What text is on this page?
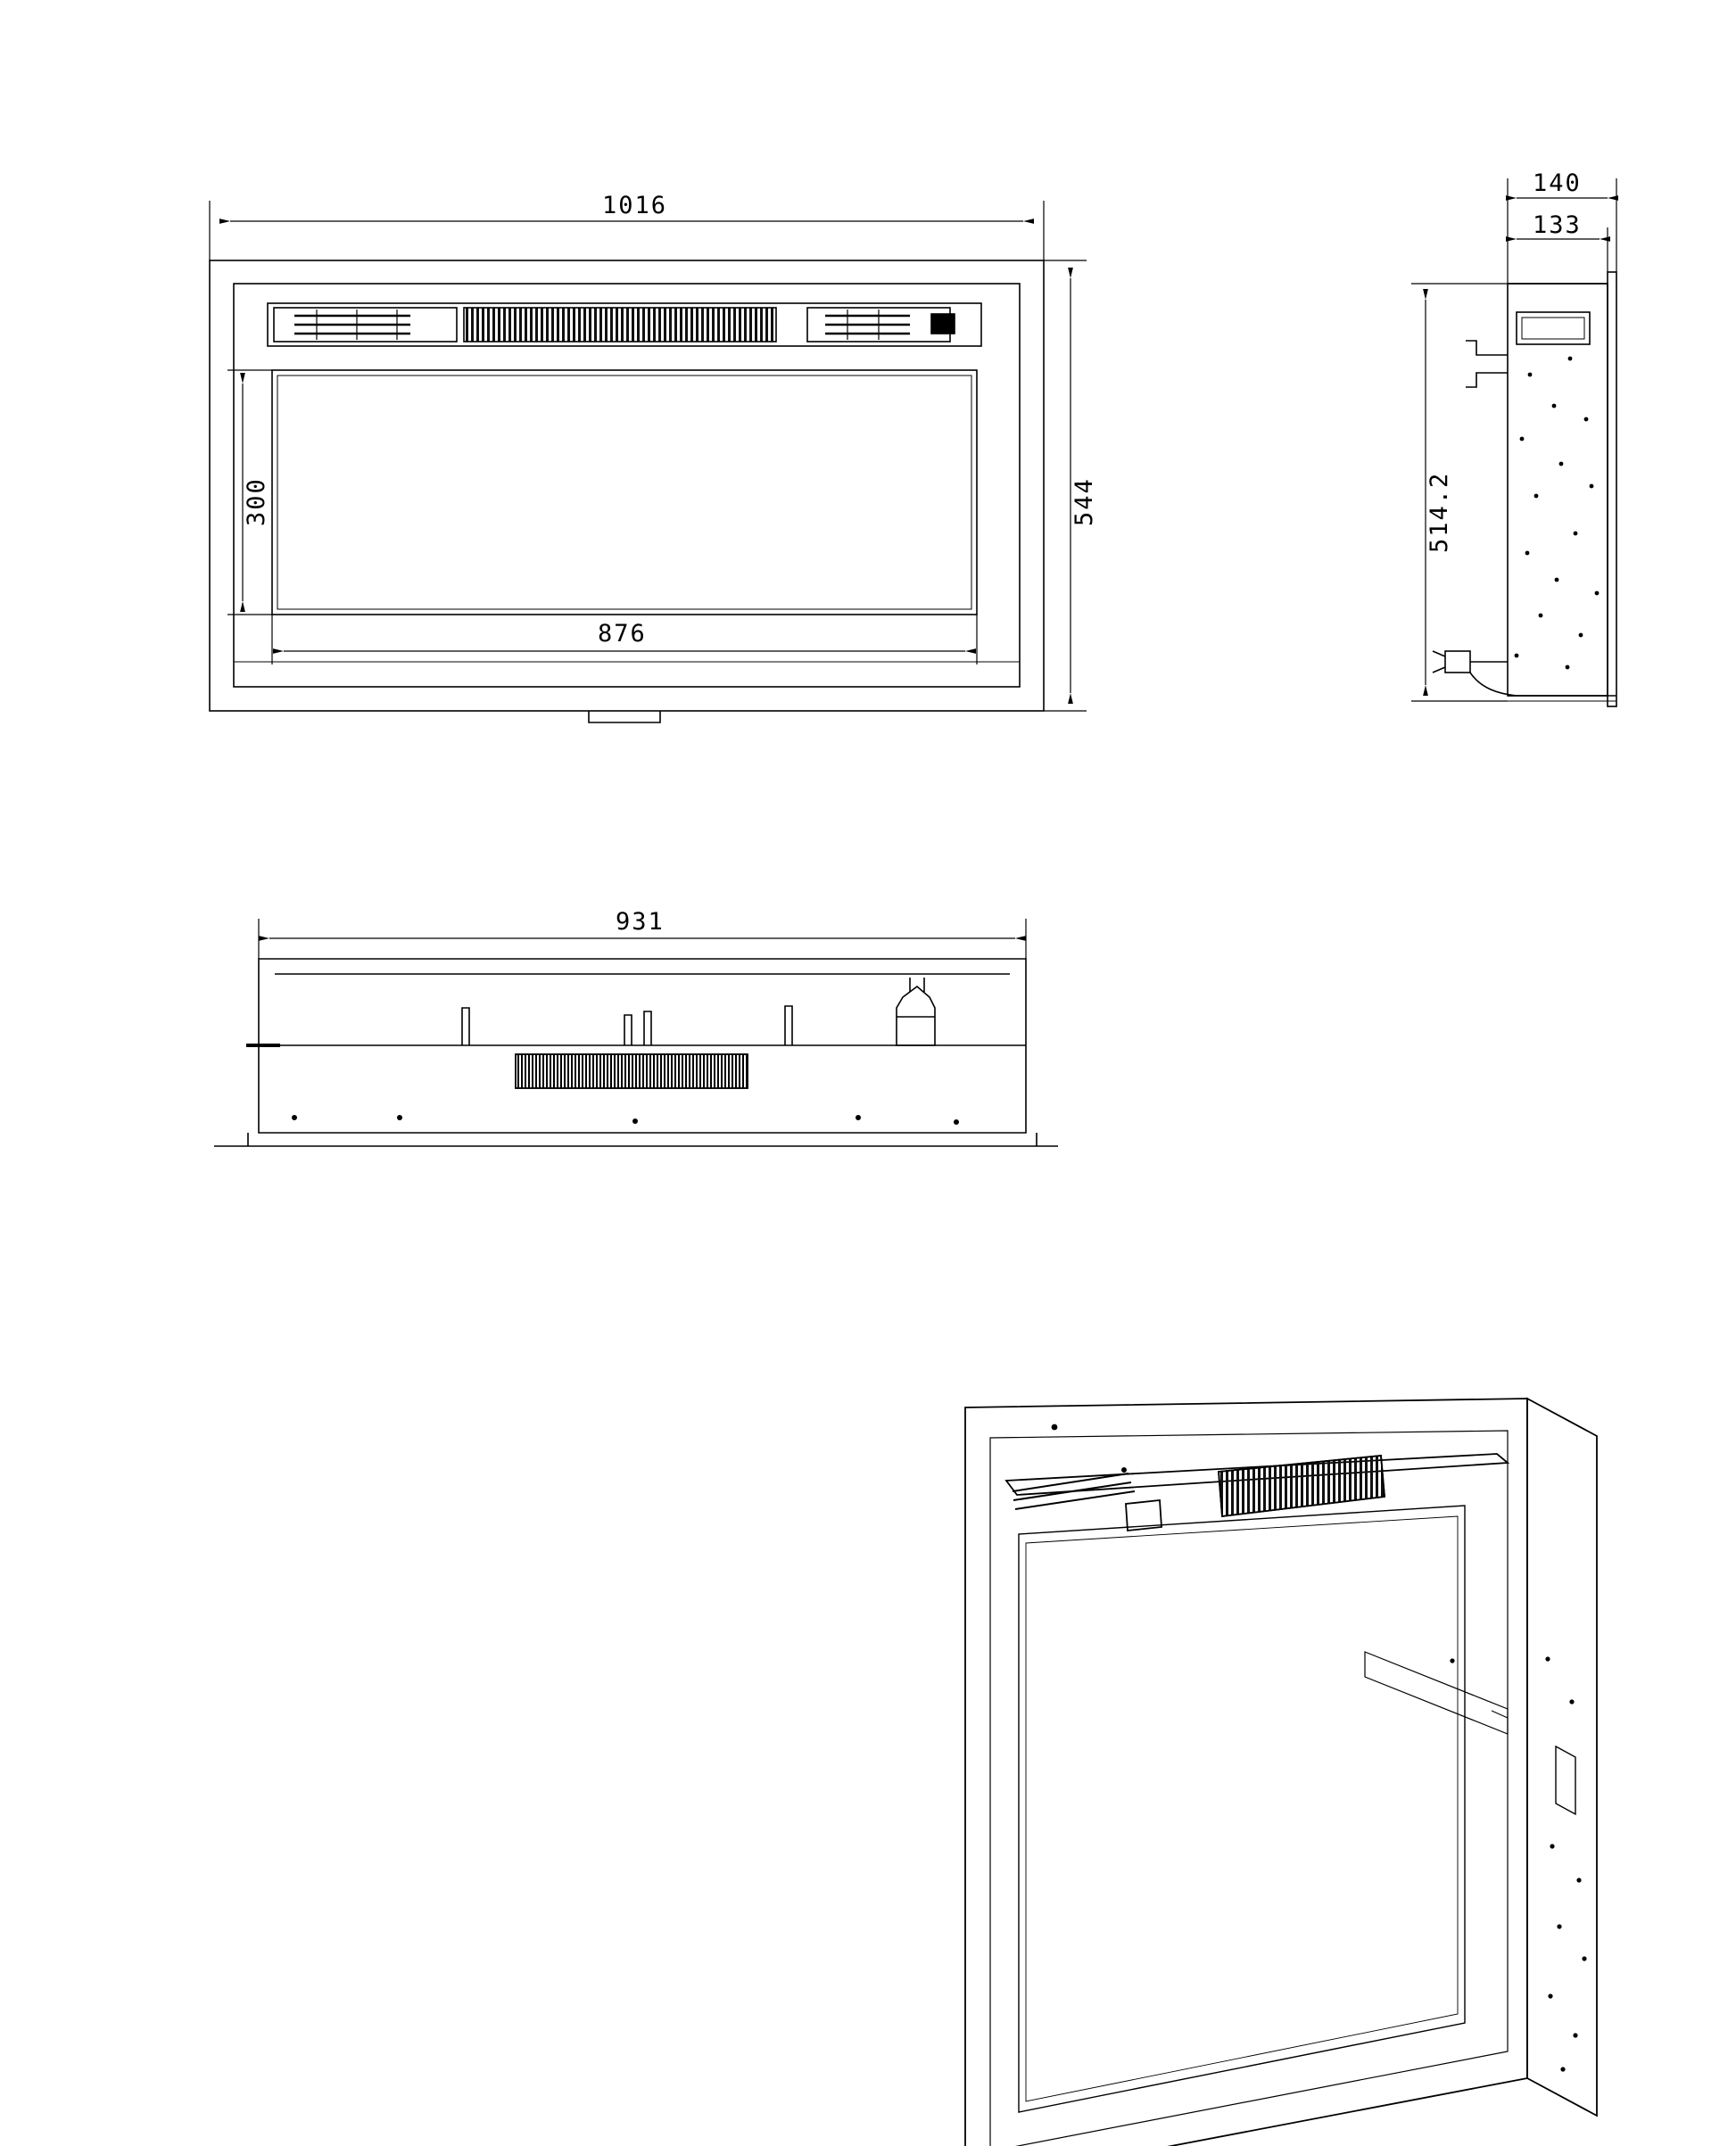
1016
544
300
876
140
133
514.2
931
